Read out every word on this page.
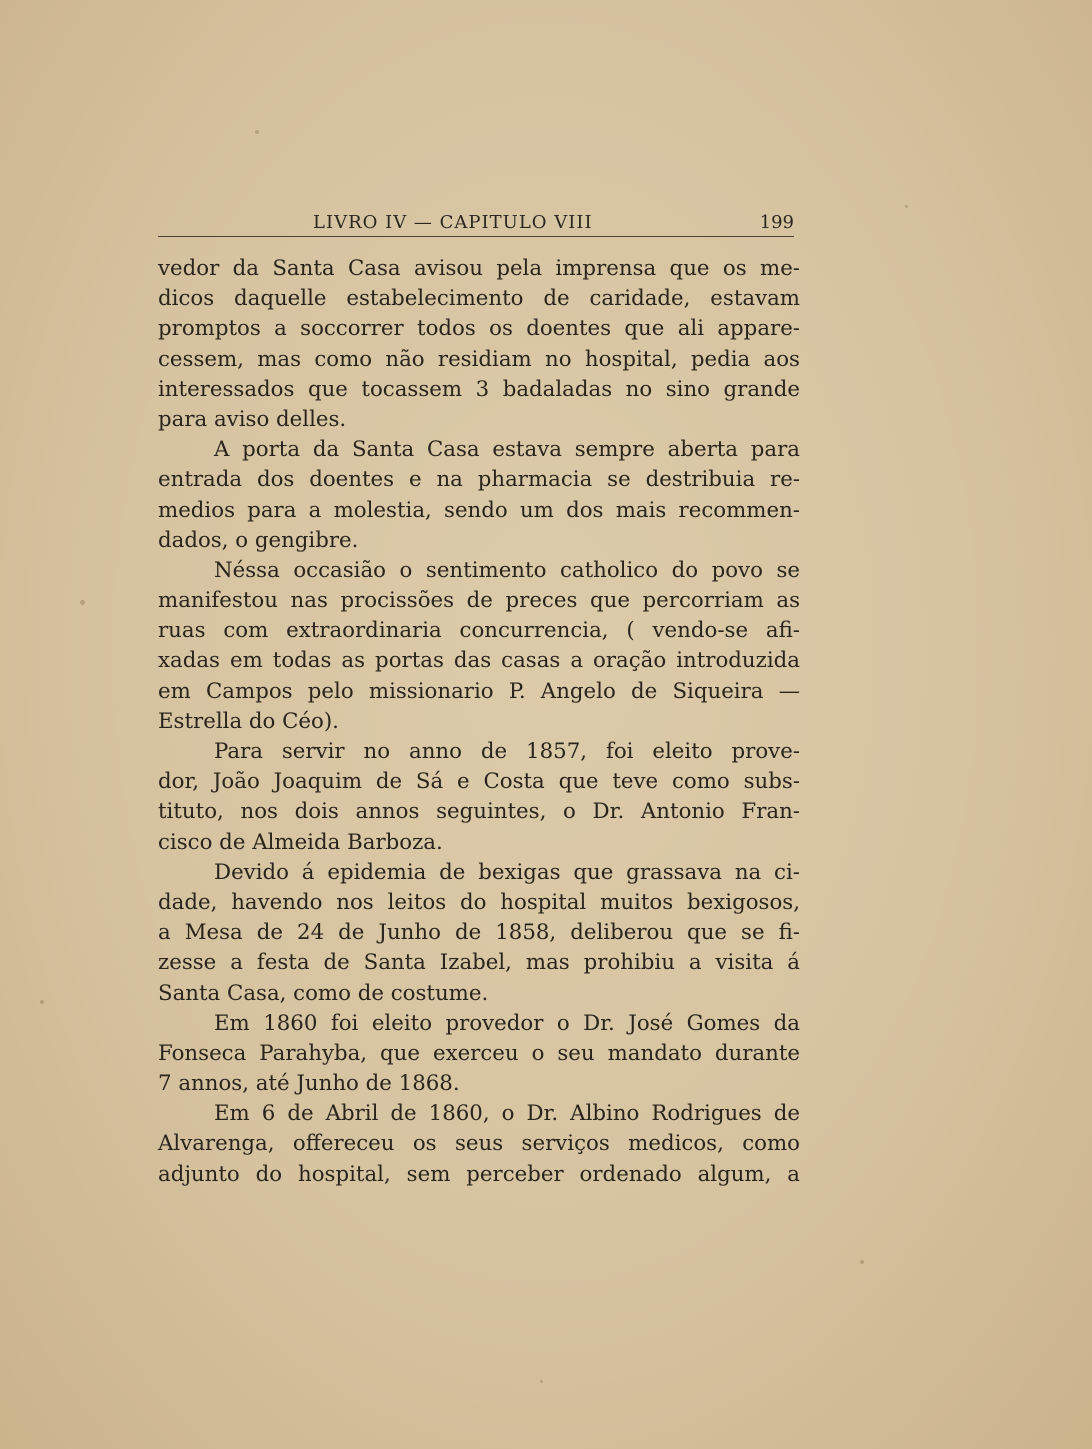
LIVRO IV — CAPITULO VIII	199
vedor da Santa Casa avisou pela imprensa que os me-
dicos daquelle estabelecimento de caridade, estavam
promptos a soccorrer todos os doentes que ali appare-
cessem, mas como não residiam no hospital, pedia aos
interessados que tocassem 3 badaladas no sino grande
para aviso delles.
A porta da Santa Casa estava sempre aberta para
entrada dos doentes e na pharmacia se destribuia re-
medios para a molestia, sendo um dos mais recommen-
dados, o gengibre.
Néssa occasião o sentimento catholico do povo se
manifestou nas procissões de preces que percorriam as
ruas com extraordinaria concurrencia, ( vendo-se afi-
xadas em todas as portas das casas a oração introduzida
em Campos pelo missionario P. Angelo de Siqueira —
Estrella do Céo).
Para servir no anno de 1857, foi eleito prove-
dor, João Joaquim de Sá e Costa que teve como subs-
tituto, nos dois annos seguintes, o Dr. Antonio Fran-
cisco de Almeida Barboza.
Devido á epidemia de bexigas que grassava na ci-
dade, havendo nos leitos do hospital muitos bexigosos,
a Mesa de 24 de Junho de 1858, deliberou que se fi-
zesse a festa de Santa Izabel, mas prohibiu a visita á
Santa Casa, como de costume.
Em 1860 foi eleito provedor o Dr. José Gomes da
Fonseca Parahyba, que exerceu o seu mandato durante
7 annos, até Junho de 1868.
Em 6 de Abril de 1860, o Dr. Albino Rodrigues de
Alvarenga, offereceu os seus serviços medicos, como
adjunto do hospital, sem perceber ordenado algum, a
